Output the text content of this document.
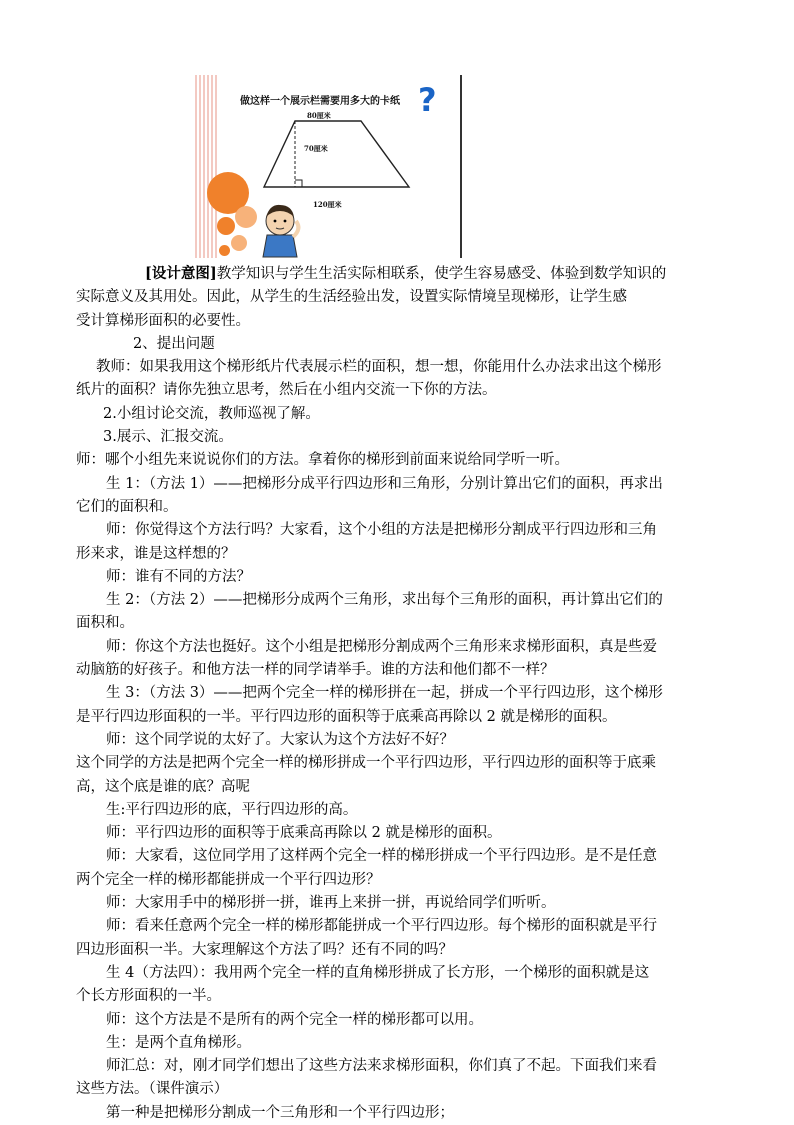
做这样一个展示栏需要用多大的卡纸 ?
80厘米
70厘米
120厘米

[设计意图]教学知识与学生生活实际相联系，使学生容易感受、体验到数学知识的

实际意义及其用处。因此，从学生的生活经验出发，设置实际情境呈现梯形，让学生感

受计算梯形面积的必要性。

2、提出问题

教师：如果我用这个梯形纸片代表展示栏的面积，想一想，你能用什么办法求出这个梯形

纸片的面积？请你先独立思考，然后在小组内交流一下你的方法。

2.小组讨论交流，教师巡视了解。

3.展示、汇报交流。

师：哪个小组先来说说你们的方法。拿着你的梯形到前面来说给同学听一听。

生 1：（方法 1）——把梯形分成平行四边形和三角形，分别计算出它们的面积，再求出

它们的面积和。

师：你觉得这个方法行吗？大家看，这个小组的方法是把梯形分割成平行四边形和三角

形来求，谁是这样想的？

师：谁有不同的方法？

生 2：（方法 2）——把梯形分成两个三角形，求出每个三角形的面积，再计算出它们的

面积和。

师：你这个方法也挺好。这个小组是把梯形分割成两个三角形来求梯形面积，真是些爱

动脑筋的好孩子。和他方法一样的同学请举手。谁的方法和他们都不一样？

生 3：（方法 3）——把两个完全一样的梯形拼在一起，拼成一个平行四边形，这个梯形

是平行四边形面积的一半。平行四边形的面积等于底乘高再除以 2 就是梯形的面积。

师：这个同学说的太好了。大家认为这个方法好不好？

这个同学的方法是把两个完全一样的梯形拼成一个平行四边形，平行四边形的面积等于底乘

高，这个底是谁的底？高呢

生:平行四边形的底，平行四边形的高。

师：平行四边形的面积等于底乘高再除以 2 就是梯形的面积。

师：大家看，这位同学用了这样两个完全一样的梯形拼成一个平行四边形。是不是任意

两个完全一样的梯形都能拼成一个平行四边形？

师：大家用手中的梯形拼一拼，谁再上来拼一拼，再说给同学们听听。

师：看来任意两个完全一样的梯形都能拼成一个平行四边形。每个梯形的面积就是平行

四边形面积一半。大家理解这个方法了吗？还有不同的吗？

生 4（方法四）：我用两个完全一样的直角梯形拼成了长方形，一个梯形的面积就是这

个长方形面积的一半。

师：这个方法是不是所有的两个完全一样的梯形都可以用。

生：是两个直角梯形。

师汇总：对，刚才同学们想出了这些方法来求梯形面积，你们真了不起。下面我们来看

这些方法。（课件演示）

第一种是把梯形分割成一个三角形和一个平行四边形；
